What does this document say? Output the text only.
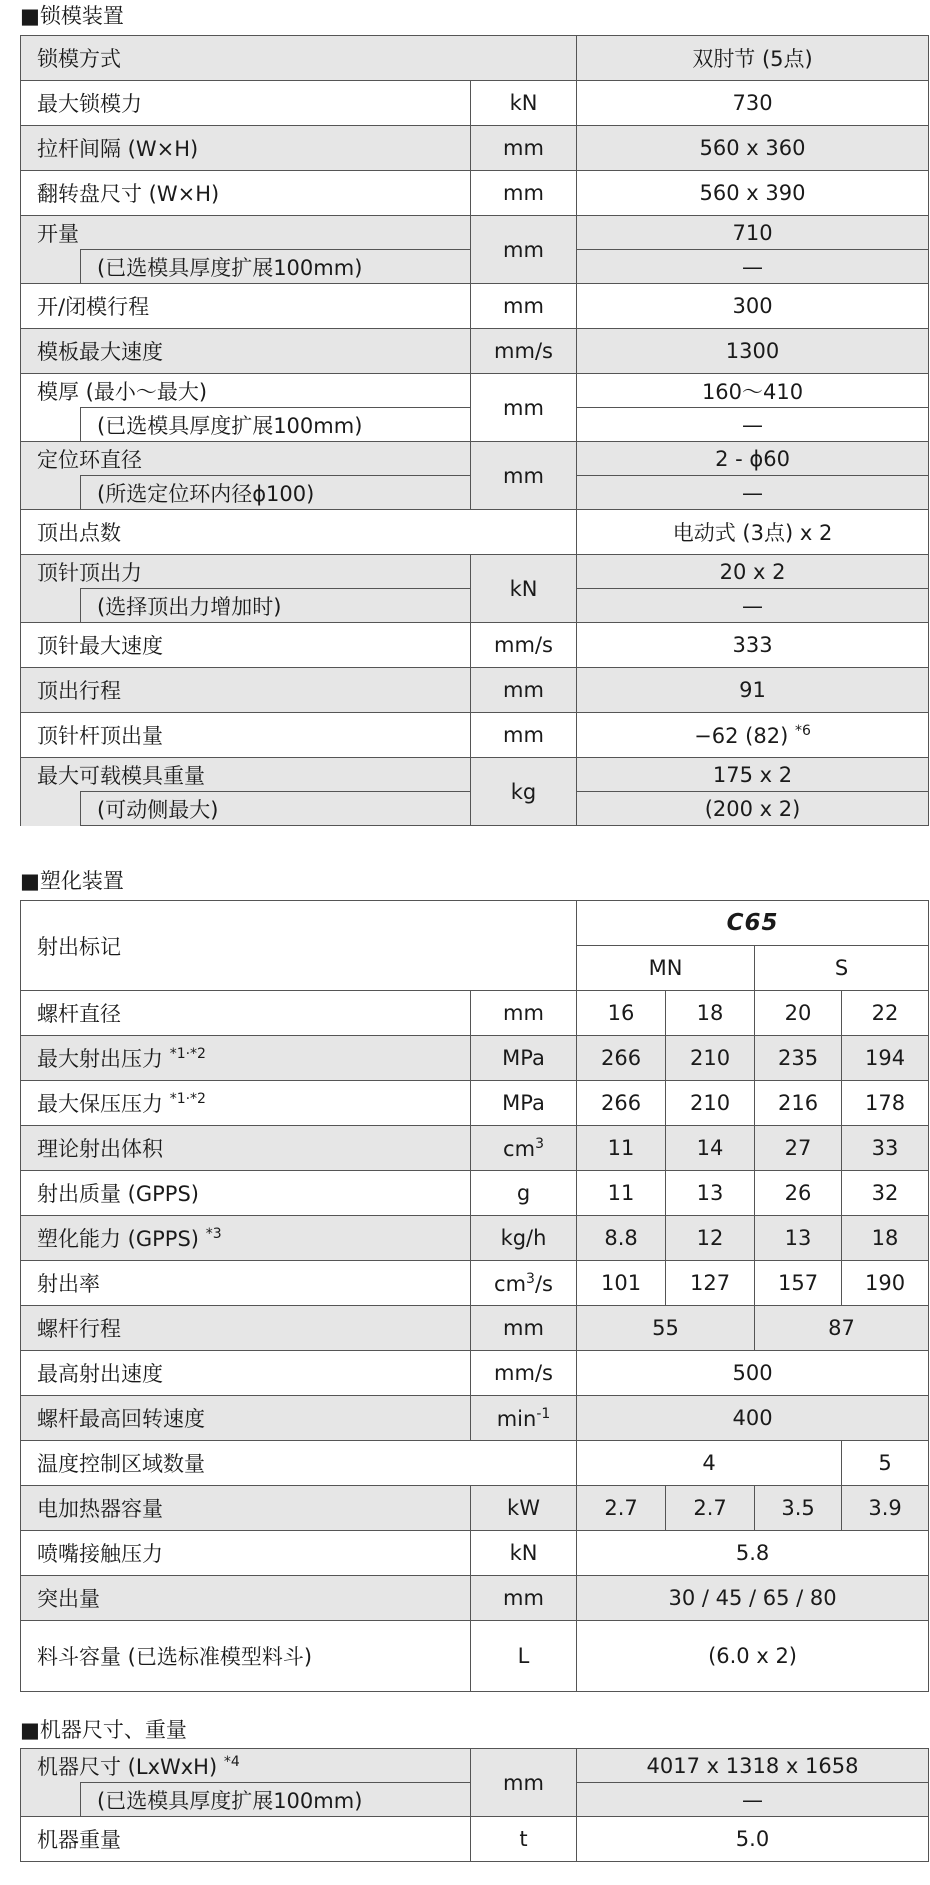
■锁模装置
锁模方式			双肘节 (5点)
最大锁模力		kN	730
拉杆间隔 (W×H)		mm	560 x 360
翻转盘尺寸 (W×H)		mm	560 x 390
开量		mm	710
	(已选模具厚度扩展100mm)		—
开/闭模行程		mm	300
模板最大速度		mm/s	1300
模厚 (最小～最大)		mm	160～410
	(已选模具厚度扩展100mm)		—
定位环直径		mm	2 - ϕ60
	(所选定位环内径ϕ100)		—
顶出点数			电动式 (3点) x 2
顶针顶出力		kN	20 x 2
	(选择顶出力增加时)		—
顶针最大速度		mm/s	333
顶出行程		mm	91
顶针杆顶出量		mm	−62 (82) $^{*6}$
最大可载模具重量		kg	175 x 2
	(可动侧最大)		(200 x 2)
■塑化装置
射出标记		C65			
		MN		S	
螺杆直径	mm	16	18	20	22
最大射出压力 $^{*1\cdot*2}$	MPa	266	210	235	194
最大保压压力 $^{*1\cdot*2}$	MPa	266	210	216	178
理论射出体积	$cm^3$	11	14	27	33
射出质量 (GPPS)	g	11	13	26	32
塑化能力 (GPPS) $^{*3}$	kg/h	8.8	12	13	18
射出率	$cm^3/s$	101	127	157	190
螺杆行程	mm	55		87	
最高射出速度	mm/s	500			
螺杆最高回转速度	$\min^{-1}$	400			
温度控制区域数量		4			5
电加热器容量	kW	2.7	2.7	3.5	3.9
喷嘴接触压力	kN	5.8			
突出量	mm	30 / 45 / 65 / 80			
料斗容量 (已选标准模型料斗)	L	(6.0 x 2)			
■机器尺寸、重量
机器尺寸 (LxWxH) $^{*4}$		mm	4017 x 1318 x 1658
	(已选模具厚度扩展100mm)		—
机器重量		t	5.0
